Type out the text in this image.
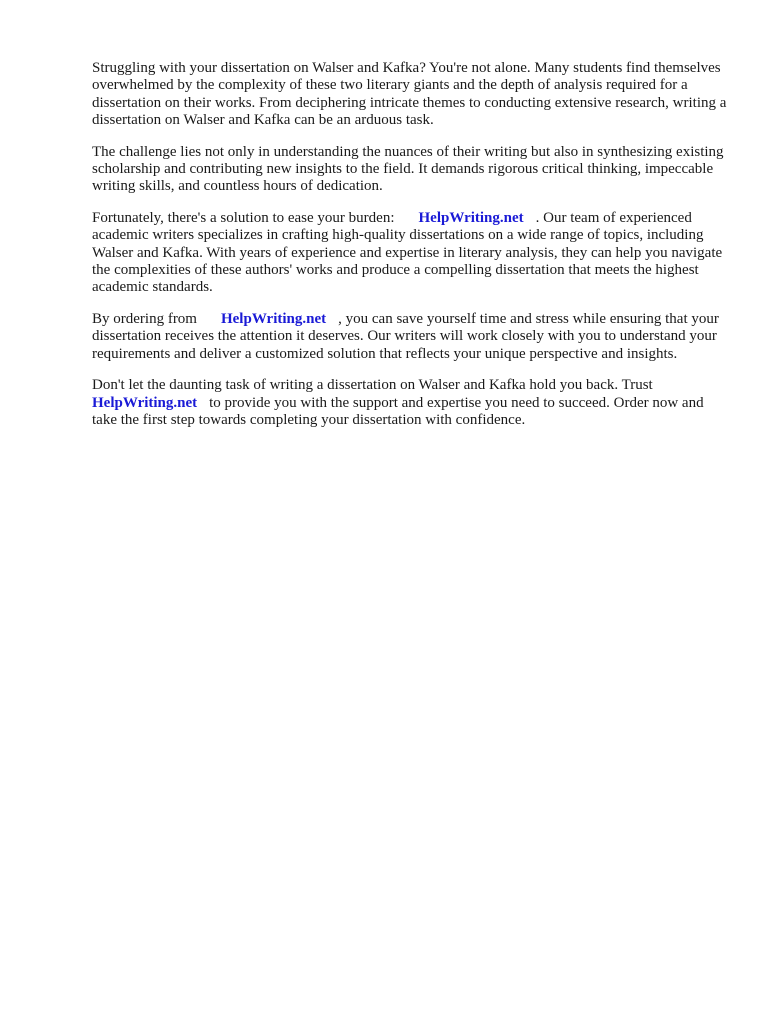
Struggling with your dissertation on Walser and Kafka? You're not alone. Many students find themselves overwhelmed by the complexity of these two literary giants and the depth of analysis required for a dissertation on their works. From deciphering intricate themes to conducting extensive research, writing a dissertation on Walser and Kafka can be an arduous task.

The challenge lies not only in understanding the nuances of their writing but also in synthesizing existing scholarship and contributing new insights to the field. It demands rigorous critical thinking, impeccable writing skills, and countless hours of dedication.

Fortunately, there's a solution to ease your burden: HelpWriting.net . Our team of experienced academic writers specializes in crafting high-quality dissertations on a wide range of topics, including Walser and Kafka. With years of experience and expertise in literary analysis, they can help you navigate the complexities of these authors' works and produce a compelling dissertation that meets the highest academic standards.

By ordering from HelpWriting.net , you can save yourself time and stress while ensuring that your dissertation receives the attention it deserves. Our writers will work closely with you to understand your requirements and deliver a customized solution that reflects your unique perspective and insights.

Don't let the daunting task of writing a dissertation on Walser and Kafka hold you back. Trust HelpWriting.net to provide you with the support and expertise you need to succeed. Order now and take the first step towards completing your dissertation with confidence.
